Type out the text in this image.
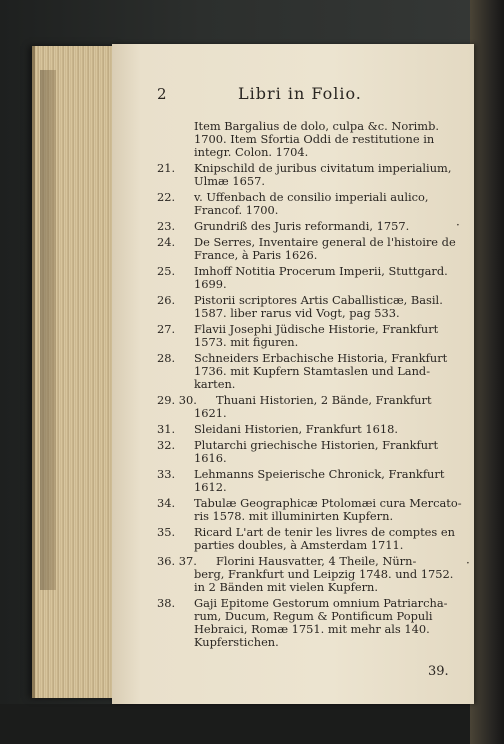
2	Libri in Folio.
Item Bargalius de dolo, culpa &c. Norimb.
1700. Item Sfortia Oddi de restitutione in
integr. Colon. 1704.
21. Knipschild de juribus civitatum imperialium,
Ulmæ 1657.
22. v. Uffenbach de consilio imperiali aulico,
Francof. 1700.
23. Grundriß des Juris reformandi, 1757.
24. De Serres, Inventaire general de l'histoire de
France, à Paris 1626.
25. Imhoff Notitia Procerum Imperii, Stuttgard.
1699.
26. Pistorii scriptores Artis Caballisticæ, Basil.
1587. liber rarus vid Vogt, pag 533.
27. Flavii Josephi Jüdische Historie, Frankfurt
1573. mit figuren.
28. Schneiders Erbachische Historia, Frankfurt
1736. mit Kupfern Stamtaslen und Land-
karten.
29. 30. Thuani Historien, 2 Bände, Frankfurt
1621.
31. Sleidani Historien, Frankfurt 1618.
32. Plutarchi griechische Historien, Frankfurt
1616.
33. Lehmanns Speierische Chronick, Frankfurt
1612.
34. Tabulæ Geographicæ Ptolomæi cura Mercato-
ris 1578. mit illuminirten Kupfern.
35. Ricard L'art de tenir les livres de comptes en
parties doubles, à Amsterdam 1711.
36. 37. Florini Hausvatter, 4 Theile, Nürn-
berg, Frankfurt und Leipzig 1748. und 1752.
in 2 Bänden mit vielen Kupfern.
38. Gaji Epitome Gestorum omnium Patriarcha-
rum, Ducum, Regum & Pontificum Populi
Hebraici, Romæ 1751. mit mehr als 140.
Kupferstichen.
·
·
39.
